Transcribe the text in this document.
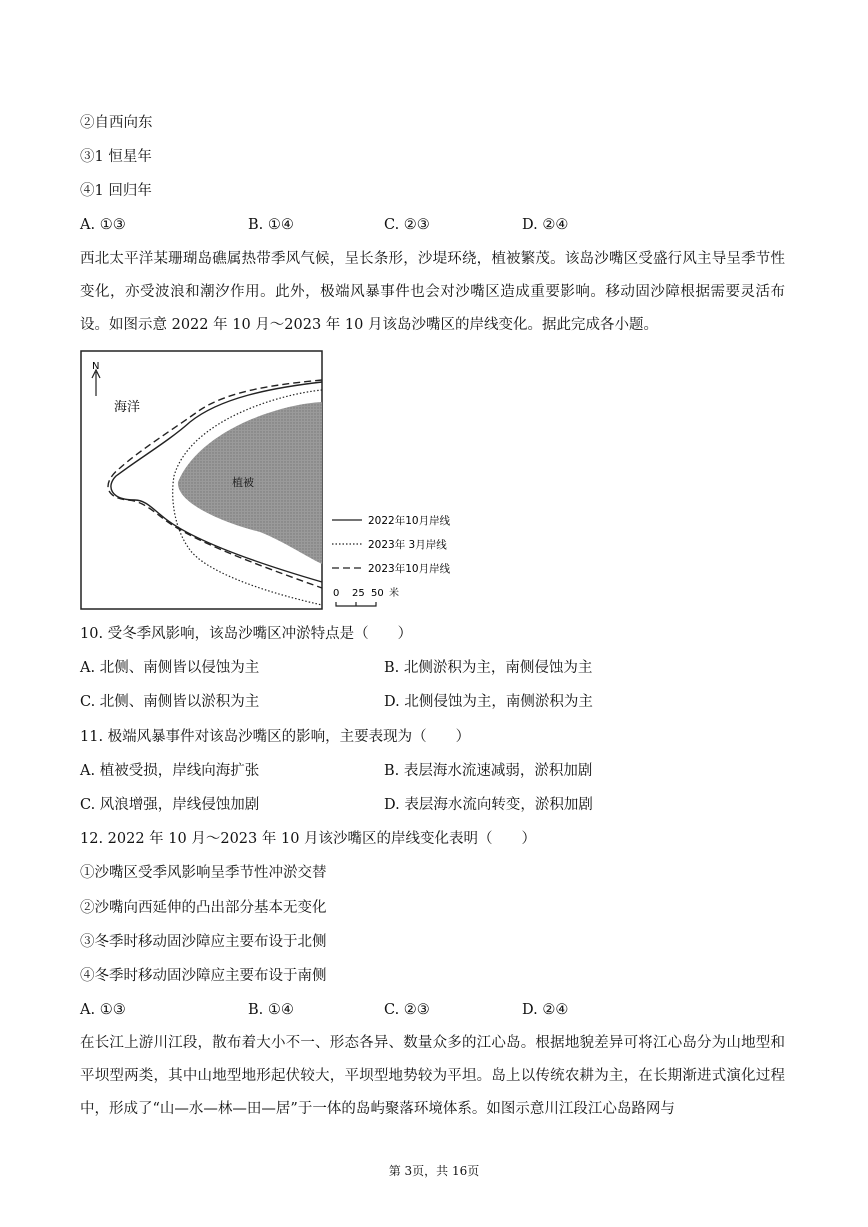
②自西向东
③1 恒星年
④1 回归年
A. ①③	B. ①④	C. ②③	D. ②④
西北太平洋某珊瑚岛礁属热带季风气候，呈长条形，沙堤环绕，植被繁茂。该岛沙嘴区受盛行风主导呈季节性变化，亦受波浪和潮汐作用。此外，极端风暴事件也会对沙嘴区造成重要影响。移动固沙障根据需要灵活布设。如图示意 2022 年 10 月～2023 年 10 月该岛沙嘴区的岸线变化。据此完成各小题。
N
海洋
植被
2022年10月岸线
2023年 3月岸线
2023年10月岸线
0 25 50 米
10. 受冬季风影响，该岛沙嘴区冲淤特点是（　　）
A. 北侧、南侧皆以侵蚀为主	B. 北侧淤积为主，南侧侵蚀为主
C. 北侧、南侧皆以淤积为主	D. 北侧侵蚀为主，南侧淤积为主
11. 极端风暴事件对该岛沙嘴区的影响，主要表现为（　　）
A. 植被受损，岸线向海扩张	B. 表层海水流速减弱，淤积加剧
C. 风浪增强，岸线侵蚀加剧	D. 表层海水流向转变，淤积加剧
12. 2022 年 10 月～2023 年 10 月该沙嘴区的岸线变化表明（　　）
①沙嘴区受季风影响呈季节性冲淤交替
②沙嘴向西延伸的凸出部分基本无变化
③冬季时移动固沙障应主要布设于北侧
④冬季时移动固沙障应主要布设于南侧
A. ①③	B. ①④	C. ②③	D. ②④
在长江上游川江段，散布着大小不一、形态各异、数量众多的江心岛。根据地貌差异可将江心岛分为山地型和平坝型两类，其中山地型地形起伏较大，平坝型地势较为平坦。岛上以传统农耕为主，在长期渐进式演化过程中，形成了“山—水—林—田—居”于一体的岛屿聚落环境体系。如图示意川江段江心岛路网与
第 3页，共 16页
